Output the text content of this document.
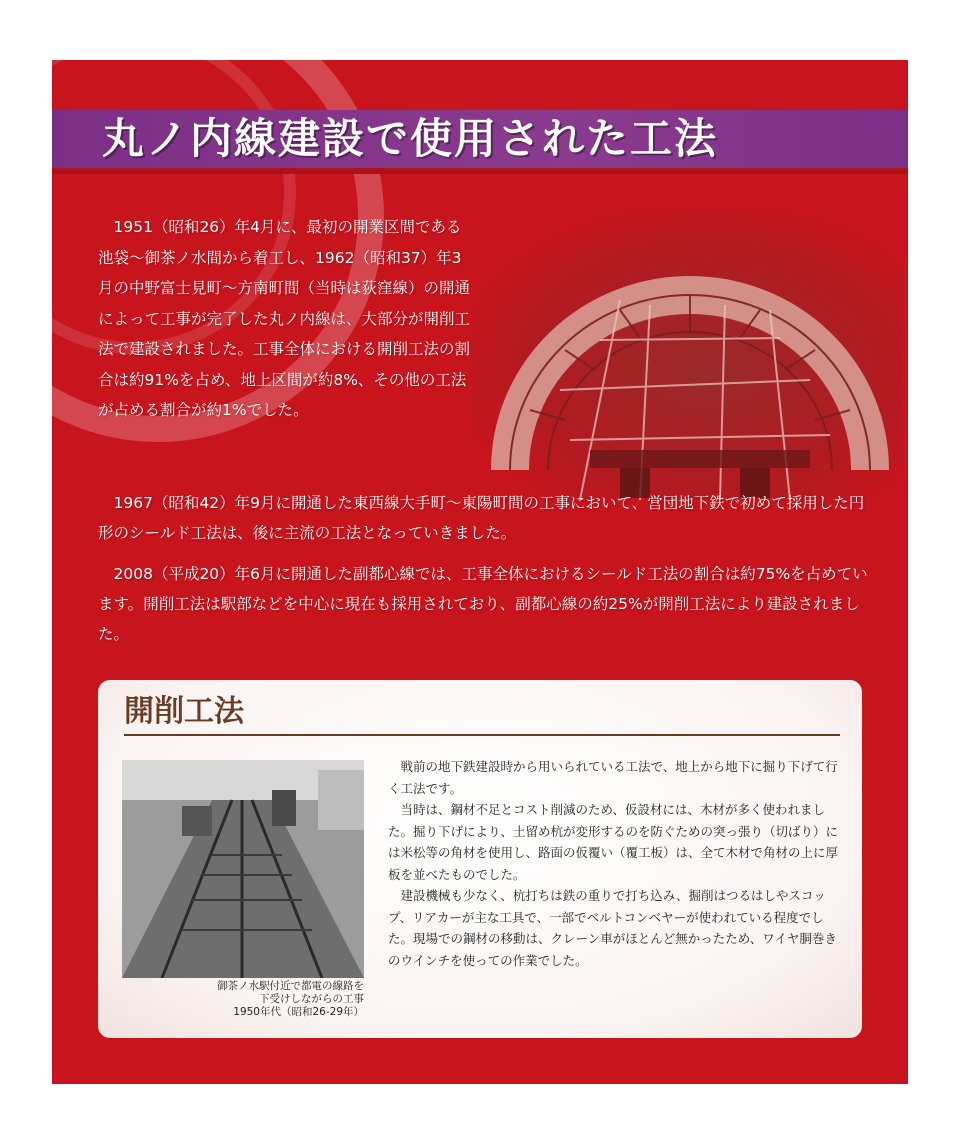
丸ノ内線建設で使用された工法

1951（昭和26）年4月に、最初の開業区間である池袋～御茶ノ水間から着工し、1962（昭和37）年3月の中野富士見町～方南町間（当時は荻窪線）の開通によって工事が完了した丸ノ内線は、大部分が開削工法で建設されました。工事全体における開削工法の割合は約91%を占め、地上区間が約8%、その他の工法が占める割合が約1%でした。

1967（昭和42）年9月に開通した東西線大手町～東陽町間の工事において、営団地下鉄で初めて採用した円形のシールド工法は、後に主流の工法となっていきました。

2008（平成20）年6月に開通した副都心線では、工事全体におけるシールド工法の割合は約75%を占めています。開削工法は駅部などを中心に現在も採用されており、副都心線の約25%が開削工法により建設されました。

開削工法
御茶ノ水駅付近で都電の線路を
下受けしながらの工事
1950年代（昭和26-29年）

戦前の地下鉄建設時から用いられている工法で、地上から地下に掘り下げて行く工法です。

当時は、鋼材不足とコスト削減のため、仮設材には、木材が多く使われました。掘り下げにより、土留め杭が変形するのを防ぐための突っ張り（切ばり）には米松等の角材を使用し、路面の仮覆い（覆工板）は、全て木材で角材の上に厚板を並べたものでした。

建設機械も少なく、杭打ちは鉄の重りで打ち込み、掘削はつるはしやスコップ、リアカーが主な工具で、一部でベルトコンベヤーが使われている程度でした。現場での鋼材の移動は、クレーン車がほとんど無かったため、ワイヤ胴巻きのウインチを使っての作業でした。
